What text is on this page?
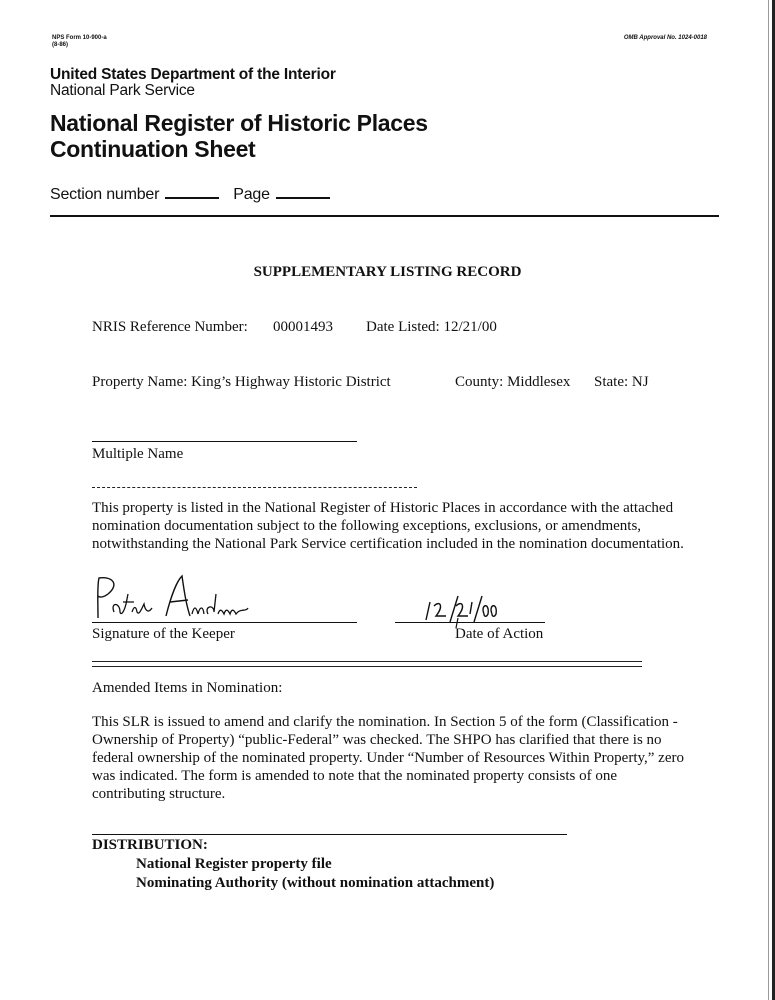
NPS Form 10-900-a
(8-86)
OMB Approval No. 1024-0018
United States Department of the Interior
National Park Service
National Register of Historic Places
Continuation Sheet
Section number	Page
SUPPLEMENTARY LISTING RECORD
NRIS Reference Number: 00001493 Date Listed: 12/21/00
Property Name: King’s Highway Historic District	County: Middlesex State: NJ
Multiple Name
This property is listed in the National Register of Historic Places in accordance with the attached nomination documentation subject to the following exceptions, exclusions, or amendments, notwithstanding the National Park Service certification included in the nomination documentation.
Signature of the Keeper	Date of Action
Amended Items in Nomination:
This SLR is issued to amend and clarify the nomination. In Section 5 of the form (Classification - Ownership of Property) “public-Federal” was checked. The SHPO has clarified that there is no federal ownership of the nominated property. Under “Number of Resources Within Property,” zero was indicated. The form is amended to note that the nominated property consists of one contributing structure.
DISTRIBUTION:
National Register property file
Nominating Authority (without nomination attachment)
